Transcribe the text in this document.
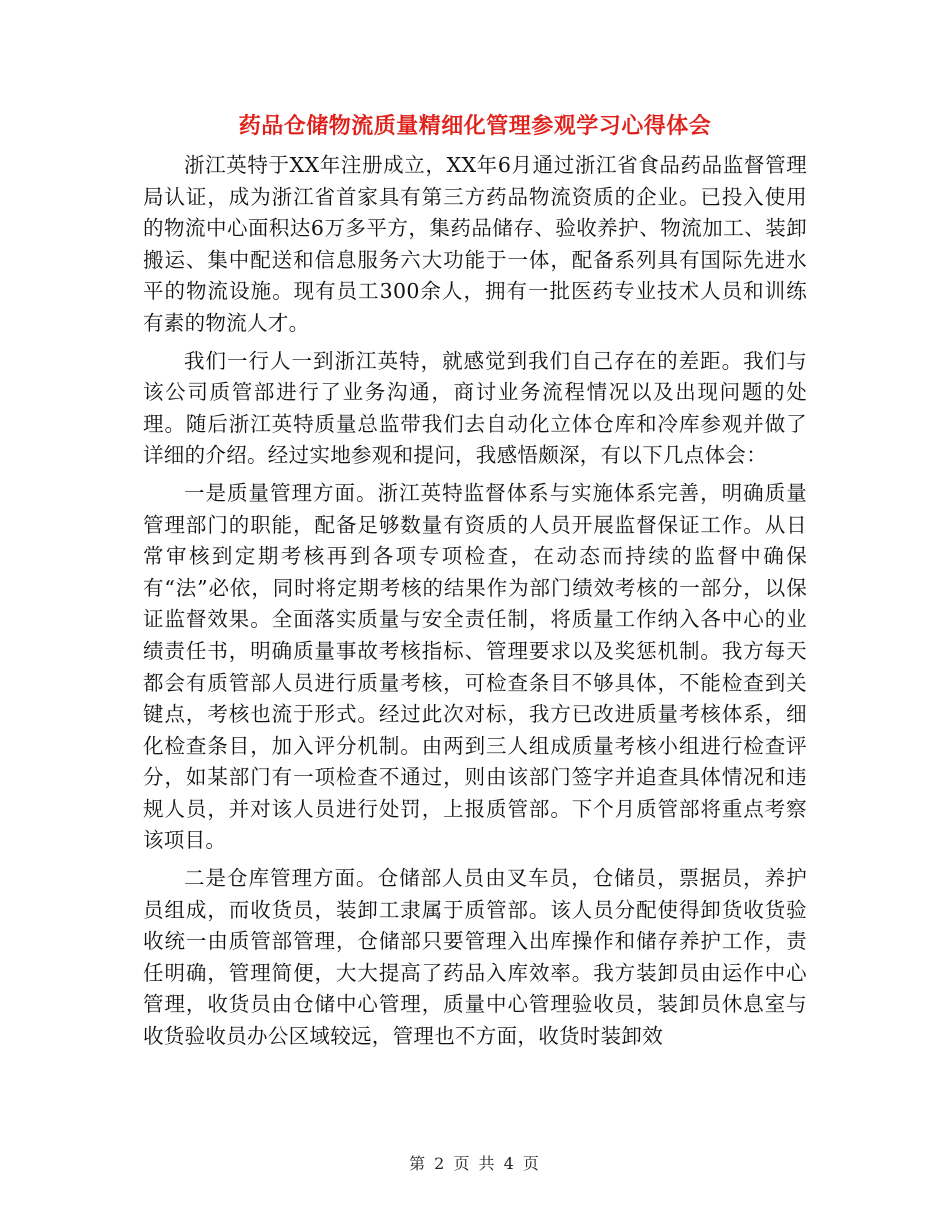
药品仓储物流质量精细化管理参观学习心得体会

浙江英特于XX年注册成立，XX年6月通过浙江省食品药品监督管理局认证，成为浙江省首家具有第三方药品物流资质的企业。已投入使用的物流中心面积达6万多平方，集药品储存、验收养护、物流加工、装卸搬运、集中配送和信息服务六大功能于一体，配备系列具有国际先进水平的物流设施。现有员工300余人，拥有一批医药专业技术人员和训练有素的物流人才。

我们一行人一到浙江英特，就感觉到我们自己存在的差距。我们与该公司质管部进行了业务沟通，商讨业务流程情况以及出现问题的处理。随后浙江英特质量总监带我们去自动化立体仓库和冷库参观并做了详细的介绍。经过实地参观和提问，我感悟颇深，有以下几点体会：

一是质量管理方面。浙江英特监督体系与实施体系完善，明确质量管理部门的职能，配备足够数量有资质的人员开展监督保证工作。从日常审核到定期考核再到各项专项检查，在动态而持续的监督中确保有“法”必依，同时将定期考核的结果作为部门绩效考核的一部分，以保证监督效果。全面落实质量与安全责任制，将质量工作纳入各中心的业绩责任书，明确质量事故考核指标、管理要求以及奖惩机制。我方每天都会有质管部人员进行质量考核，可检查条目不够具体，不能检查到关键点，考核也流于形式。经过此次对标，我方已改进质量考核体系，细化检查条目，加入评分机制。由两到三人组成质量考核小组进行检查评分，如某部门有一项检查不通过，则由该部门签字并追查具体情况和违规人员，并对该人员进行处罚，上报质管部。下个月质管部将重点考察该项目。

二是仓库管理方面。仓储部人员由叉车员，仓储员，票据员，养护员组成，而收货员，装卸工隶属于质管部。该人员分配使得卸货收货验收统一由质管部管理，仓储部只要管理入出库操作和储存养护工作，责任明确，管理简便，大大提高了药品入库效率。我方装卸员由运作中心管理，收货员由仓储中心管理，质量中心管理验收员，装卸员休息室与收货验收员办公区域较远，管理也不方面，收货时装卸效

第 2 页 共 4 页
